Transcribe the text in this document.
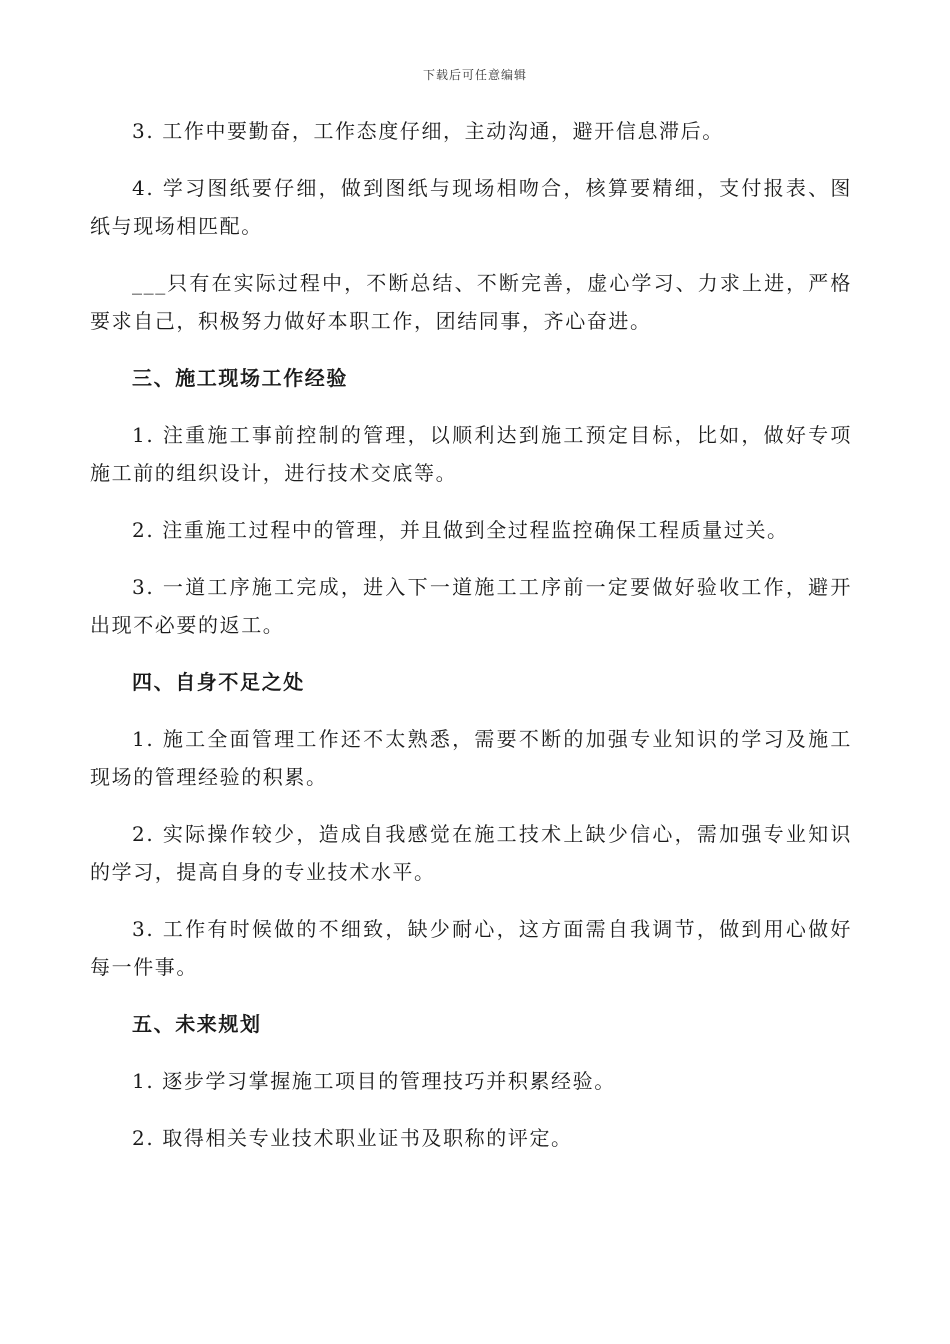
下载后可任意编辑

3. 工作中要勤奋，工作态度仔细，主动沟通，避开信息滞后。

4. 学习图纸要仔细，做到图纸与现场相吻合，核算要精细，支付报表、图纸与现场相匹配。

___只有在实际过程中，不断总结、不断完善，虚心学习、力求上进，严格要求自己，积极努力做好本职工作，团结同事，齐心奋进。

三、施工现场工作经验

1. 注重施工事前控制的管理，以顺利达到施工预定目标，比如，做好专项施工前的组织设计，进行技术交底等。

2. 注重施工过程中的管理，并且做到全过程监控确保工程质量过关。

3. 一道工序施工完成，进入下一道施工工序前一定要做好验收工作，避开出现不必要的返工。

四、自身不足之处

1. 施工全面管理工作还不太熟悉，需要不断的加强专业知识的学习及施工现场的管理经验的积累。

2. 实际操作较少，造成自我感觉在施工技术上缺少信心，需加强专业知识的学习，提高自身的专业技术水平。

3. 工作有时候做的不细致，缺少耐心，这方面需自我调节，做到用心做好每一件事。

五、未来规划

1. 逐步学习掌握施工项目的管理技巧并积累经验。

2. 取得相关专业技术职业证书及职称的评定。
